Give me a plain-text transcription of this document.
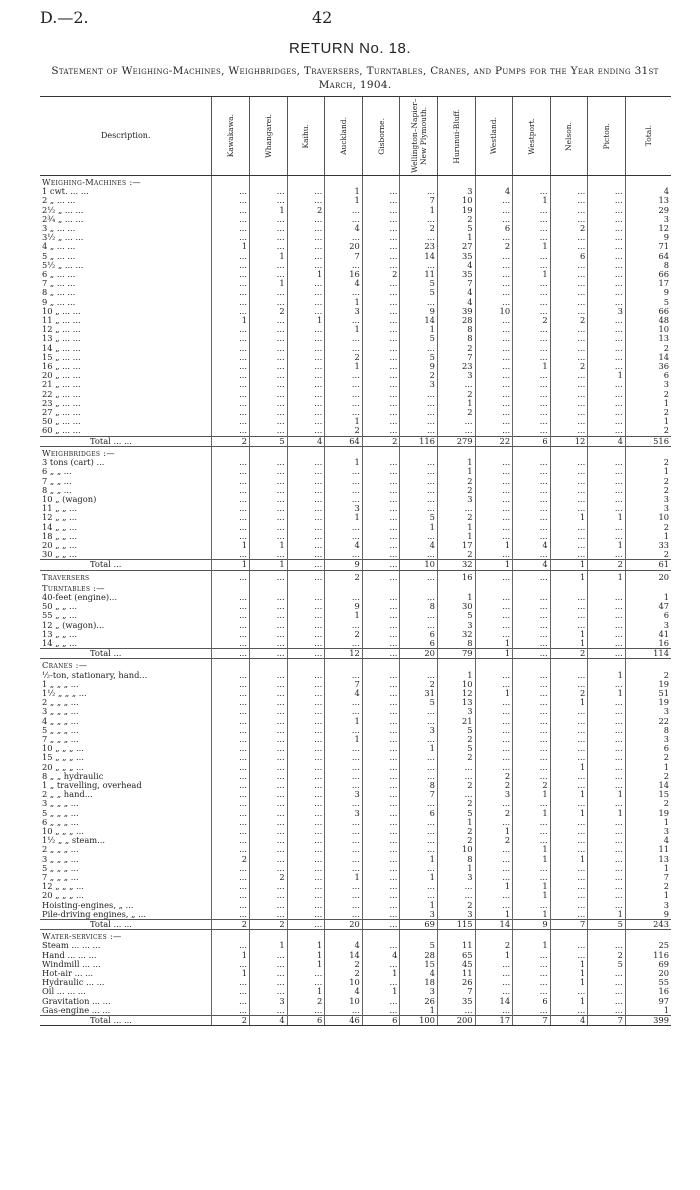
D.—2.	42
RETURN No. 18.
Statement of Weighing-Machines, Weighbridges, Traversers, Turntables, Cranes, and Pumps for the Year ending 31st March, 1904.
Description.	Kawakawa.	Whangarei.	Kaihu.	Auckland.	Gisborne.	Wellington–Napier–New Plymouth.	Hurunui-Bluff.	Westland.	Westport.	Nelson.	Picton.	Total.

Weighing-Machines :—												
1 cwt. ... ...	...	...	...	1	...	...	3	4	...	...	...	4
2 „ ... ...	...	...	...	1	...	7	10	...	1	...	...	13
2½ „ ... ...	...	1	2	...	...	1	19	...	...	...	...	29
2¾ „ ... ...	...	...	...	...	...	...	2	...	...	...	...	3
3 „ ... ...	...	...	...	4	...	2	5	6	...	2	...	12
3½ „ ... ...	...	...	...	...	...	...	1	...	...	...	...	9
4 „ ... ...	1	...	...	20	...	23	27	2	1	...	...	71
5 „ ... ...	...	1	...	7	...	14	35	...	...	6	...	64
5½ „ ... ...	...	...	...	...	...	...	4	...	...	...	...	8
6 „ ... ...	...	...	1	16	2	11	35	...	1	...	...	66
7 „ ... ...	...	1	...	4	...	5	7	...	...	...	...	17
8 „ ... ...	...	...	...	...	...	5	4	...	...	...	...	9
9 „ ... ...	...	...	...	1	...	...	4	...	...	...	...	5
10 „ ... ...	...	2	...	3	...	9	39	10	...	...	3	66
11 „ ... ...	1	...	1	...	...	14	28	...	2	2	...	48
12 „ ... ...	...	...	...	1	...	1	8	...	...	...	...	10
13 „ ... ...	...	...	...	...	...	5	8	...	...	...	...	13
14 „ ... ...	...	...	...	...	...	...	2	...	...	...	...	2
15 „ ... ...	...	...	...	2	...	5	7	...	...	...	...	14
16 „ ... ...	...	...	...	1	...	9	23	...	1	2	...	36
20 „ ... ...	...	...	...	...	...	2	3	...	...	...	1	6
21 „ ... ...	...	...	...	...	...	3	...	...	...	...	...	3
22 „ ... ...	...	...	...	...	...	...	2	...	...	...	...	2
23 „ ... ...	...	...	...	...	...	...	1	...	...	...	...	1
27 „ ... ...	...	...	...	...	...	...	2	...	...	...	...	2
50 „ ... ...	...	...	...	1	...	...	...	...	...	...	...	1
60 „ ... ...	...	...	...	2	...	...	...	...	...	...	...	2
Total ... ...	2	5	4	64	2	116	279	22	6	12	4	516
Weighbridges :—												
3 tons (cart) ...	...	...	...	1	...	...	1	...	...	...	...	2
6 „ „ ...	...	...	...	...	...	...	1	...	...	...	...	1
7 „ „ ...	...	...	...	...	...	...	2	...	...	...	...	2
8 „ „ ...	...	...	...	...	...	...	2	...	...	...	...	2
10 „ (wagon)	...	...	...	...	...	...	3	...	...	...	...	3
11 „ „ ...	...	...	...	3	...	...	...	...	...	...	...	3
12 „ „ ...	...	...	...	1	...	5	2	...	...	1	1	10
14 „ „ ...	...	...	...	...	...	1	1	...	...	...	...	2
18 „ „ ...	...	...	...	...	...	...	1	...	...	...	...	1
20 „ „ ...	1	1	...	4	...	4	17	1	4	...	1	33
30 „ „ ...	...	...	...	...	...	...	2	...	...	...	...	2
Total ...	1	1	...	9	...	10	32	1	4	1	2	61
Traversers	...	...	...	2	...	...	16	...	...	1	1	20
Turntables :—												
40-feet (engine)...	...	...	...	...	...	...	1	...	...	...	...	1
50 „ „ ...	...	...	...	9	...	8	30	...	...	...	...	47
55 „ „ ...	...	...	...	1	...	...	5	...	...	...	...	6
12 „ (wagon)...	...	...	...	...	...	...	3	...	...	...	...	3
13 „ „ ...	...	...	...	2	...	6	32	...	...	1	...	41
14 „ „ ...	...	...	...	...	...	6	8	1	...	1	...	16
Total ...	...	...	...	12	...	20	79	1	...	2	...	114
Cranes :—												
½-ton, stationary, hand...	...	...	...	...	...	...	1	...	...	...	1	2
1 „ „ „ ...	...	...	...	7	...	2	10	...	...	...	...	19
1½ „ „ „ ...	...	...	...	4	...	31	12	1	...	2	1	51
2 „ „ „ ...	...	...	...	...	...	5	13	...	...	1	...	19
3 „ „ „ ...	...	...	...	...	...	...	3	...	...	...	...	3
4 „ „ „ ...	...	...	...	1	...	...	21	...	...	...	...	22
5 „ „ „ ...	...	...	...	...	...	3	5	...	...	...	...	8
7 „ „ „ ...	...	...	...	1	...	...	2	...	...	...	...	3
10 „ „ „ ...	...	...	...	...	...	1	5	...	...	...	...	6
15 „ „ „ ...	...	...	...	...	...	...	2	...	...	...	...	2
20 „ „ „ ...	...	...	...	...	...	...	...	...	...	1	...	1
8 „ „ hydraulic	...	...	...	...	...	...	...	2	...	...	...	2
1 „ travelling, overhead	...	...	...	...	...	8	2	2	2	...	...	14
2 „ „ hand...	...	...	...	3	...	7	...	3	1	1	1	15
3 „ „ „ ...	...	...	...	...	...	...	2	...	...	...	...	2
5 „ „ „ ...	...	...	...	3	...	6	5	2	1	1	1	19
6 „ „ „ ...	...	...	...	...	...	...	1	...	...	...	...	1
10 „ „ „ ...	...	...	...	...	...	...	2	1	...	...	...	3
1½ „ „ steam...	...	...	...	...	...	...	2	2	...	...	...	4
2 „ „ „ ...	...	...	...	...	...	...	10	...	1	...	...	11
3 „ „ „ ...	2	...	...	...	...	1	8	...	1	1	...	13
5 „ „ „ ...	...	...	...	...	...	...	1	...	...	...	...	1
7 „ „ „ ...	...	2	...	1	...	1	3	...	...	...	...	7
12 „ „ „ ...	...	...	...	...	...	...	...	1	1	...	...	2
20 „ „ „ ...	...	...	...	...	...	...	...	...	1	...	...	1
Hoisting-engines, „ ...	...	...	...	...	...	1	2	...	...	...	...	3
Pile-driving engines, „ ...	...	...	...	...	...	3	3	1	1	...	1	9
Total ... ...	2	2	...	20	...	69	115	14	9	7	5	243
Water-services :—												
Steam ... ... ...	...	1	1	4	...	5	11	2	1	...	...	25
Hand ... ... ...	1	...	1	14	4	28	65	1	...	...	2	116
Windmill ... ...	...	...	1	2	...	15	45	...	...	1	5	69
Hot-air ... ...	1	...	...	2	1	4	11	...	...	1	...	20
Hydraulic ... ...	...	...	...	10	...	18	26	...	...	1	...	55
Oil ... ... ...	...	...	1	4	1	3	7	...	...	...	...	16
Gravitation ... ...	...	3	2	10	...	26	35	14	6	1	...	97
Gas-engine ... ...	...	...	...	...	...	1	...	...	...	...	...	1
Total ... ...	2	4	6	46	6	100	200	17	7	4	7	399
